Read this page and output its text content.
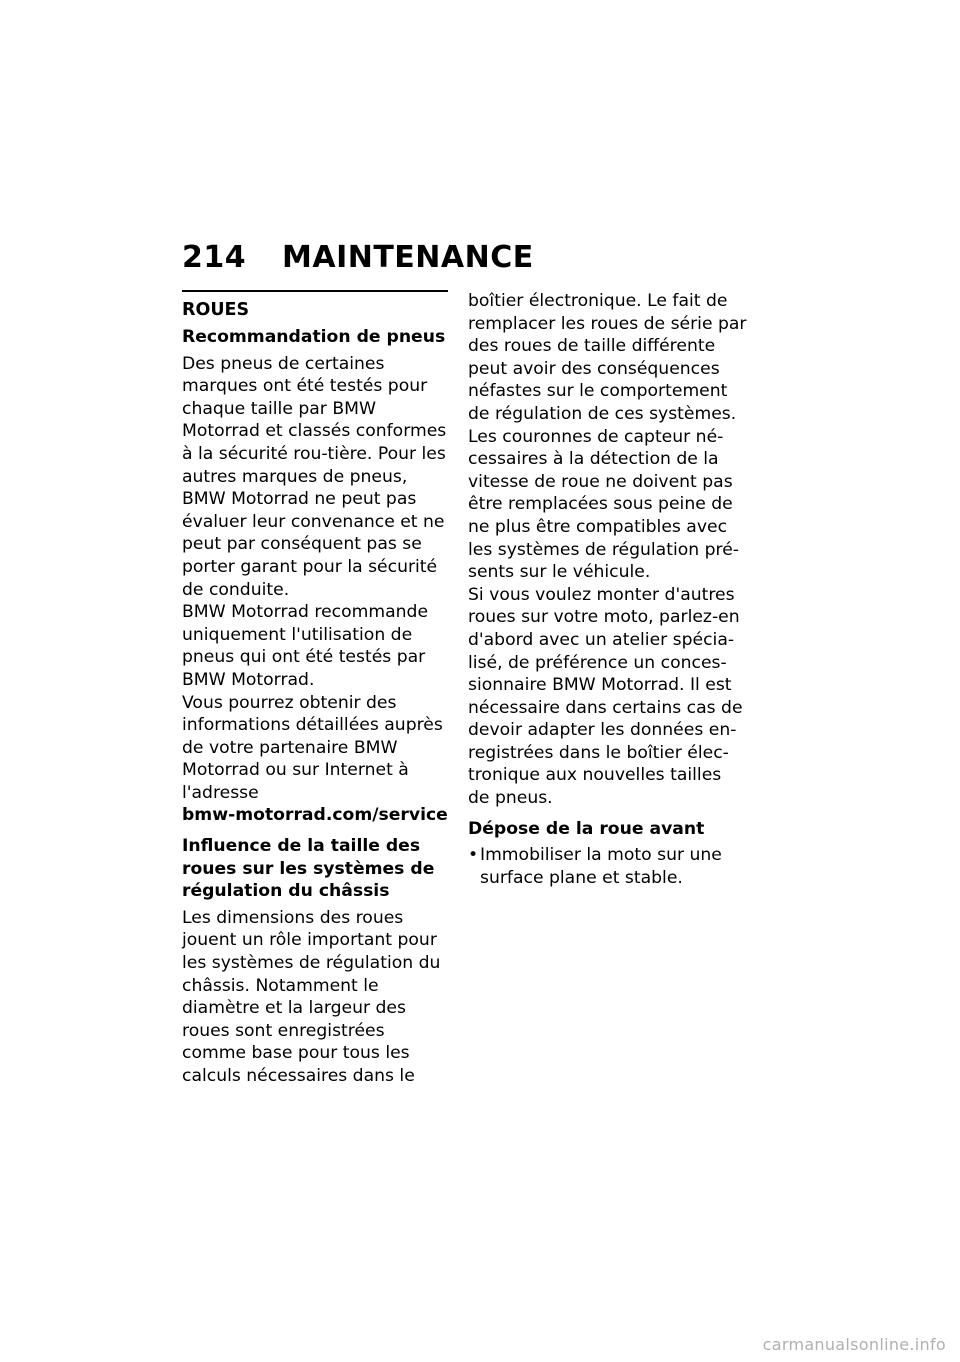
214 MAINTENANCE
ROUES
Recommandation de pneus

Des pneus de certaines marques ont été testés pour chaque taille par BMW Motorrad et classés conformes à la sécurité rou-tière. Pour les autres marques de pneus, BMW Motorrad ne peut pas évaluer leur convenance et ne peut par conséquent pas se porter garant pour la sécurité de conduite.

BMW Motorrad recommande uniquement l'utilisation de pneus qui ont été testés par BMW Motorrad.

Vous pourrez obtenir des informations détaillées auprès de votre partenaire BMW Motorrad ou sur Internet à l'adresse

bmw-motorrad.com/service

Influence de la taille des roues sur les systèmes de régulation du châssis

Les dimensions des roues jouent un rôle important pour les systèmes de régulation du châssis. Notamment le diamètre et la largeur des roues sont enregistrées comme base pour tous les calculs nécessaires dans le

boîtier électronique. Le fait de remplacer les roues de série par des roues de taille différente peut avoir des conséquences néfastes sur le comportement de régulation de ces systèmes.

Les couronnes de capteur né-cessaires à la détection de la vitesse de roue ne doivent pas être remplacées sous peine de ne plus être compatibles avec les systèmes de régulation pré-sents sur le véhicule.

Si vous voulez monter d'autres roues sur votre moto, parlez-en d'abord avec un atelier spécia-lisé, de préférence un conces-sionnaire BMW Motorrad. Il est nécessaire dans certains cas de devoir adapter les données en-registrées dans le boîtier élec-tronique aux nouvelles tailles de pneus.

Dépose de la roue avant

• Immobiliser la moto sur une surface plane et stable.

carmanualsonline.info
